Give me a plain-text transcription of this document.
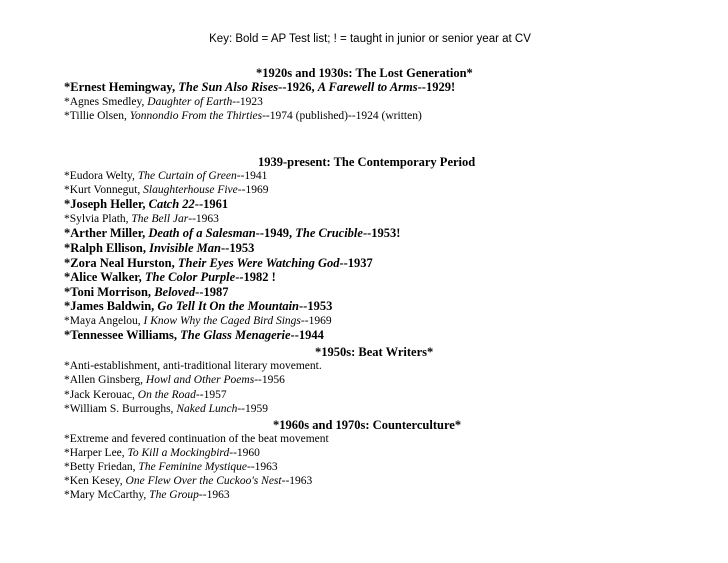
Key: Bold = AP Test list; ! = taught in junior or senior year at CV
*1920s and 1930s: The Lost Generation*
*Ernest Hemingway, The Sun Also Rises--1926, A Farewell to Arms--1929!
*Agnes Smedley, Daughter of Earth--1923
*Tillie Olsen, Yonnondio From the Thirties--1974 (published)--1924 (written)
1939-present: The Contemporary Period
*Eudora Welty, The Curtain of Green--1941
*Kurt Vonnegut, Slaughterhouse Five--1969
*Joseph Heller, Catch 22--1961
*Sylvia Plath, The Bell Jar--1963
*Arther Miller, Death of a Salesman--1949, The Crucible--1953!
*Ralph Ellison, Invisible Man--1953
*Zora Neal Hurston, Their Eyes Were Watching God--1937
*Alice Walker, The Color Purple--1982 !
*Toni Morrison, Beloved--1987
*James Baldwin, Go Tell It On the Mountain--1953
*Maya Angelou, I Know Why the Caged Bird Sings--1969
*Tennessee Williams, The Glass Menagerie--1944
*1950s: Beat Writers*
*Anti-establishment, anti-traditional literary movement.
*Allen Ginsberg, Howl and Other Poems--1956
*Jack Kerouac, On the Road--1957
*William S. Burroughs, Naked Lunch--1959
*1960s and 1970s: Counterculture*
*Extreme and fevered continuation of the beat movement
*Harper Lee, To Kill a Mockingbird--1960
*Betty Friedan, The Feminine Mystique--1963
*Ken Kesey, One Flew Over the Cuckoo's Nest--1963
*Mary McCarthy, The Group--1963
